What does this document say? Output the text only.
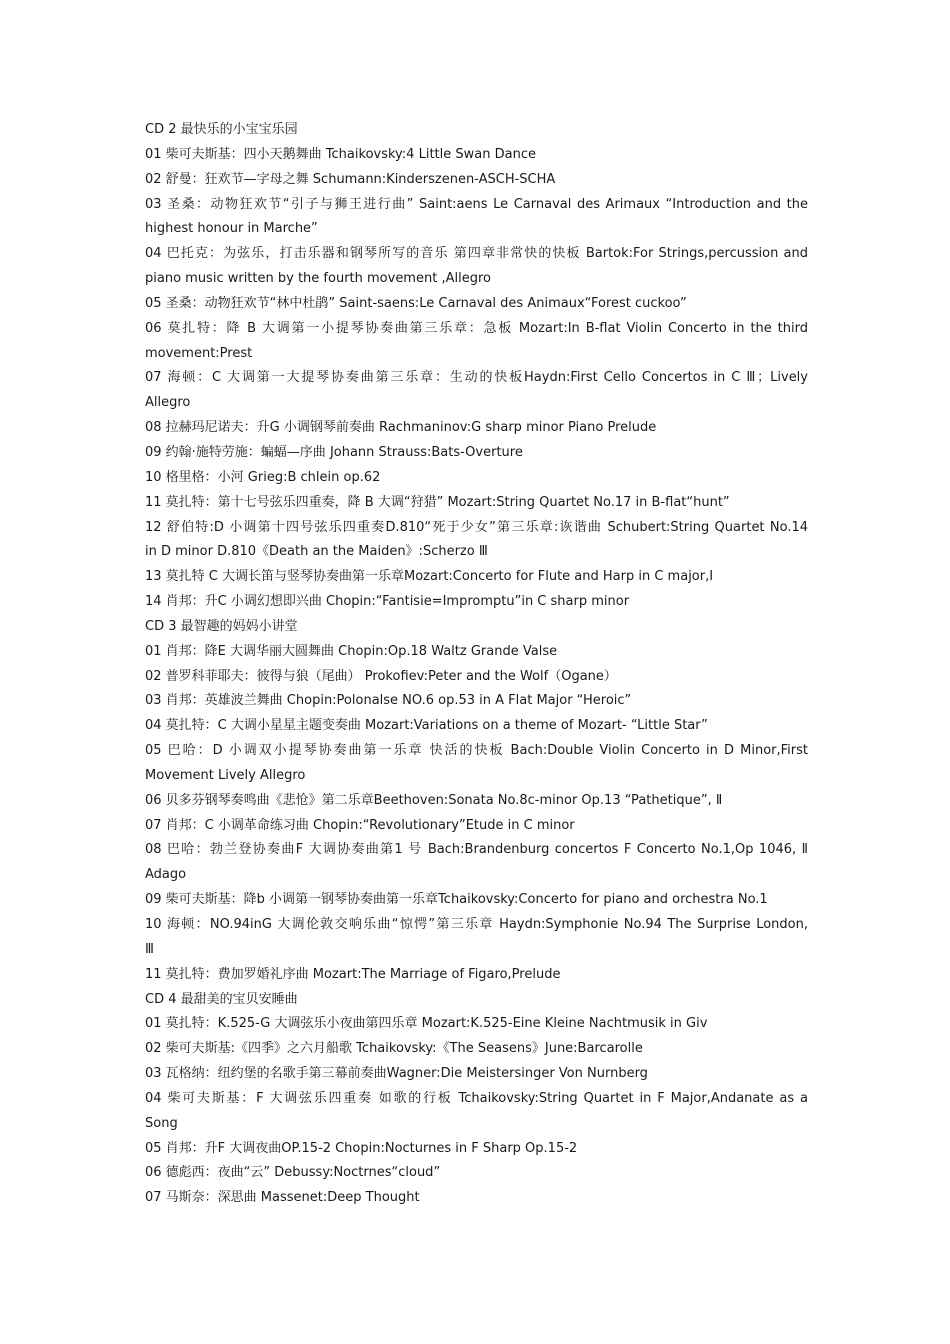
CD 2 最快乐的小宝宝乐园
01 柴可夫斯基：四小天鹅舞曲 Tchaikovsky:4 Little Swan Dance
02 舒曼：狂欢节—字母之舞 Schumann:Kinderszenen-ASCH-SCHA
03 圣桑：动物狂欢节“引子与狮王进行曲” Saint:aens Le Carnaval des Arimaux “Introduction and the
highest honour in Marche”
04 巴托克：为弦乐，打击乐器和钢琴所写的音乐 第四章非常快的快板 Bartok:For Strings,percussion and
piano music written by the fourth movement ,Allegro
05 圣桑：动物狂欢节“林中杜鹃” Saint-saens:Le Carnaval des Animaux“Forest cuckoo”
06 莫扎特：降 B 大调第一小提琴协奏曲第三乐章：急板 Mozart:In B-flat Violin Concerto in the third
movement:Prest
07 海顿：C 大调第一大提琴协奏曲第三乐章：生动的快板Haydn:First Cello Concertos in C Ⅲ；Lively
Allegro
08 拉赫玛尼诺夫：升G 小调钢琴前奏曲 Rachmaninov:G sharp minor Piano Prelude
09 约翰·施特劳施：蝙蝠—序曲 Johann Strauss:Bats-Overture
10 格里格：小河 Grieg:B chlein op.62
11 莫扎特：第十七号弦乐四重奏，降 B 大调“狩猎” Mozart:String Quartet No.17 in B-flat“hunt”
12 舒伯特:D 小调第十四号弦乐四重奏D.810“死于少女”第三乐章:诙谐曲 Schubert:String Quartet No.14
in D minor D.810《Death an the Maiden》:Scherzo Ⅲ
13 莫扎特 C 大调长笛与竖琴协奏曲第一乐章Mozart:Concerto for Flute and Harp in C major,I
14 肖邦：升C 小调幻想即兴曲 Chopin:“Fantisie=Impromptu”in C sharp minor
CD 3 最智趣的妈妈小讲堂
01 肖邦：降E 大调华丽大圆舞曲 Chopin:Op.18 Waltz Grande Valse
02 普罗科菲耶夫：彼得与狼（尾曲） Prokofiev:Peter and the Wolf（Ogane）
03 肖邦：英雄波兰舞曲 Chopin:Polonalse NO.6 op.53 in A Flat Major “Heroic”
04 莫扎特：C 大调小星星主题变奏曲 Mozart:Variations on a theme of Mozart- “Little Star”
05 巴哈：D 小调双小提琴协奏曲第一乐章 快活的快板 Bach:Double Violin Concerto in D Minor,First
Movement Lively Allegro
06 贝多芬钢琴奏鸣曲《悲怆》第二乐章Beethoven:Sonata No.8c-minor Op.13 “Pathetique”, Ⅱ
07 肖邦：C 小调革命练习曲 Chopin:“Revolutionary”Etude in C minor
08 巴哈：勃兰登协奏曲F 大调协奏曲第1 号 Bach:Brandenburg concertos F Concerto No.1,Op 1046, Ⅱ
Adago
09 柴可夫斯基：降b 小调第一钢琴协奏曲第一乐章Tchaikovsky:Concerto for piano and orchestra No.1
10 海顿：NO.94inG 大调伦敦交响乐曲“惊愕”第三乐章 Haydn:Symphonie No.94 The Surprise London,
Ⅲ
11 莫扎特：费加罗婚礼序曲 Mozart:The Marriage of Figaro,Prelude
CD 4 最甜美的宝贝安睡曲
01 莫扎特：K.525-G 大调弦乐小夜曲第四乐章 Mozart:K.525-Eine Kleine Nachtmusik in Giv
02 柴可夫斯基:《四季》之六月船歌 Tchaikovsky:《The Seasens》June:Barcarolle
03 瓦格纳：纽约堡的名歌手第三幕前奏曲Wagner:Die Meistersinger Von Nurnberg
04 柴可夫斯基：F 大调弦乐四重奏 如歌的行板 Tchaikovsky:String Quartet in F Major,Andanate as a
Song
05 肖邦：升F 大调夜曲OP.15-2 Chopin:Nocturnes in F Sharp Op.15-2
06 德彪西：夜曲“云” Debussy:Noctrnes“cloud”
07 马斯奈：深思曲 Massenet:Deep Thought
